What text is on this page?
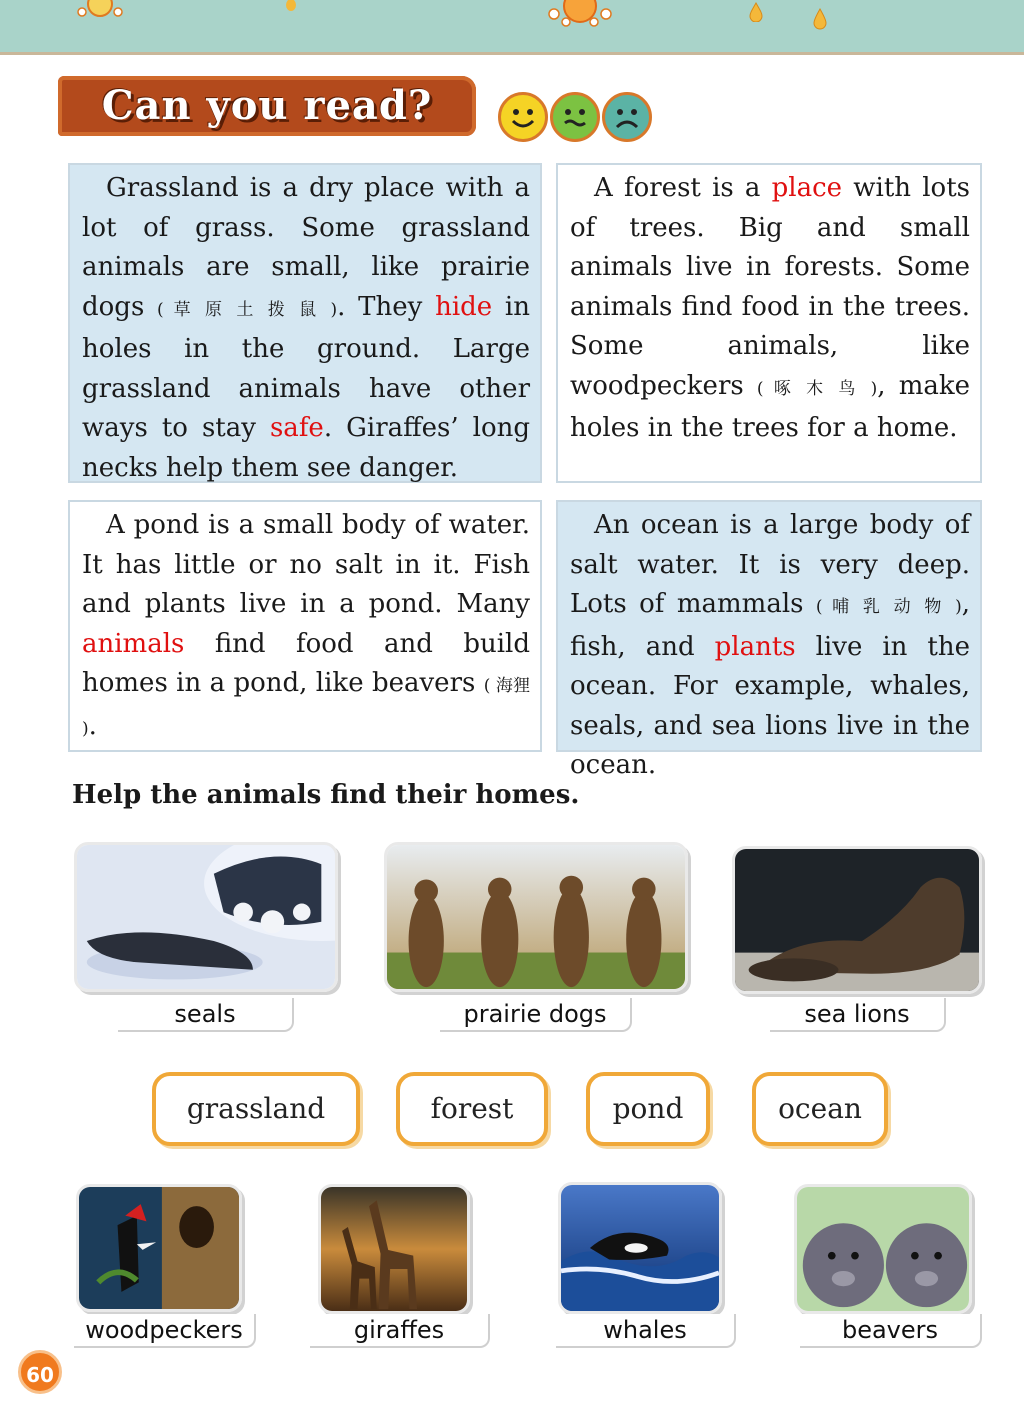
Can you read?

Grassland is a dry place with a lot of grass. Some grassland animals are small, like prairie dogs ( 草 原 土 拨 鼠 ). They hide in holes in the ground. Large grassland animals have other ways to stay safe. Giraffes’ long necks help them see danger.

A forest is a place with lots of trees. Big and small animals live in forests. Some animals find food in the trees. Some animals, like woodpeckers ( 啄 木 鸟 ), make holes in the trees for a home.

A pond is a small body of water. It has little or no salt in it. Fish and plants live in a pond. Many animals find food and build homes in a pond, like beavers ( 海狸 ).

An ocean is a large body of salt water. It is very deep. Lots of mammals ( 哺 乳 动 物 ), fish, and plants live in the ocean. For example, whales, seals, and sea lions live in the ocean.

Help the animals find their homes.
seals	prairie dogs	sea lions
grassland	forest	pond	ocean
woodpeckers	giraffes	whales	beavers
60
